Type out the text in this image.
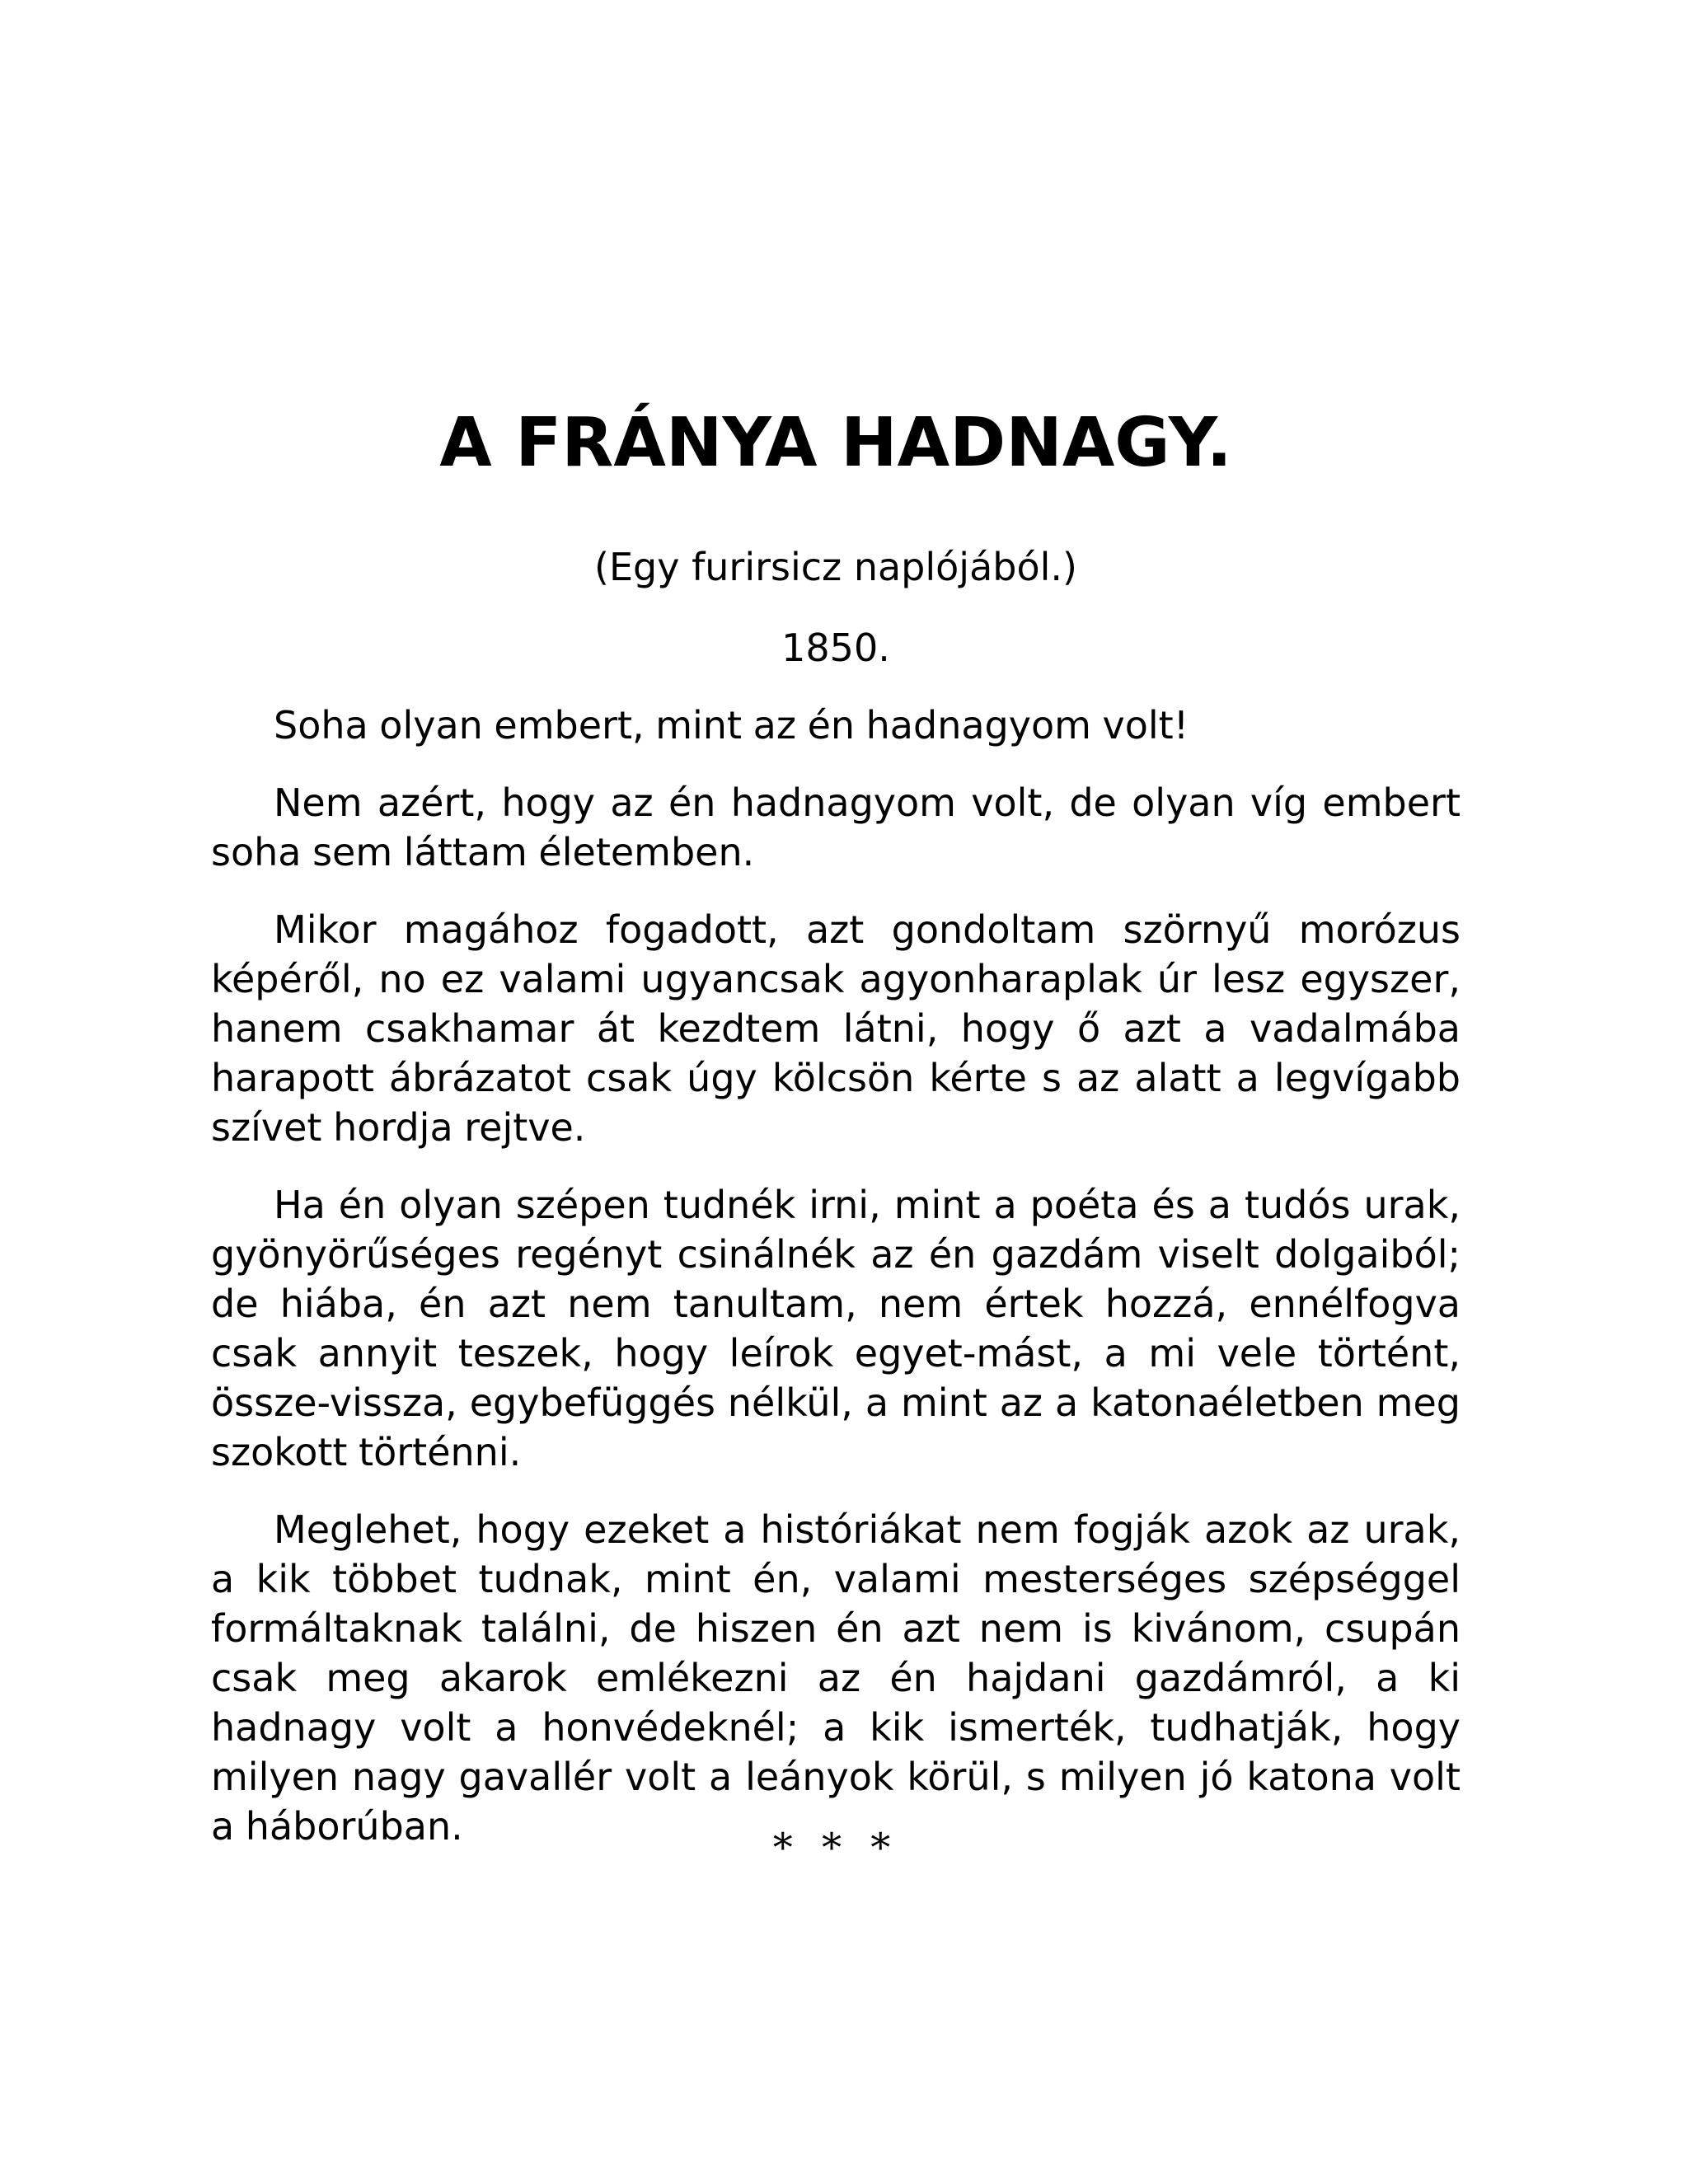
A FRÁNYA HADNAGY.

(Egy furirsicz naplójából.)

1850.

Soha olyan embert, mint az én hadnagyom volt!

Nem azért, hogy az én hadnagyom volt, de olyan víg embert soha sem láttam életemben.

Mikor magához fogadott, azt gondoltam szörnyű morózus képéről, no ez valami ugyancsak agyonharaplak úr lesz egyszer, hanem csakhamar át kezdtem látni, hogy ő azt a vadalmába harapott ábrázatot csak úgy kölcsön kérte s az alatt a legvígabb szívet hordja rejtve.

Ha én olyan szépen tudnék irni, mint a poéta és a tudós urak, gyönyörűséges regényt csinálnék az én gazdám viselt dolgaiból; de hiába, én azt nem tanultam, nem értek hozzá, ennélfogva csak annyit teszek, hogy leírok egyet-mást, a mi vele történt, össze-vissza, egybefüggés nélkül, a mint az a katonaéletben meg szokott történni.

Meglehet, hogy ezeket a históriákat nem fogják azok az urak, a kik többet tudnak, mint én, valami mesterséges szépséggel formáltaknak találni, de hiszen én azt nem is kivánom, csupán csak meg akarok emlékezni az én hajdani gazdámról, a ki hadnagy volt a honvédeknél; a kik ismerték, tudhatják, hogy milyen nagy gavallér volt a leányok körül, s milyen jó katona volt a háborúban.	* * *
